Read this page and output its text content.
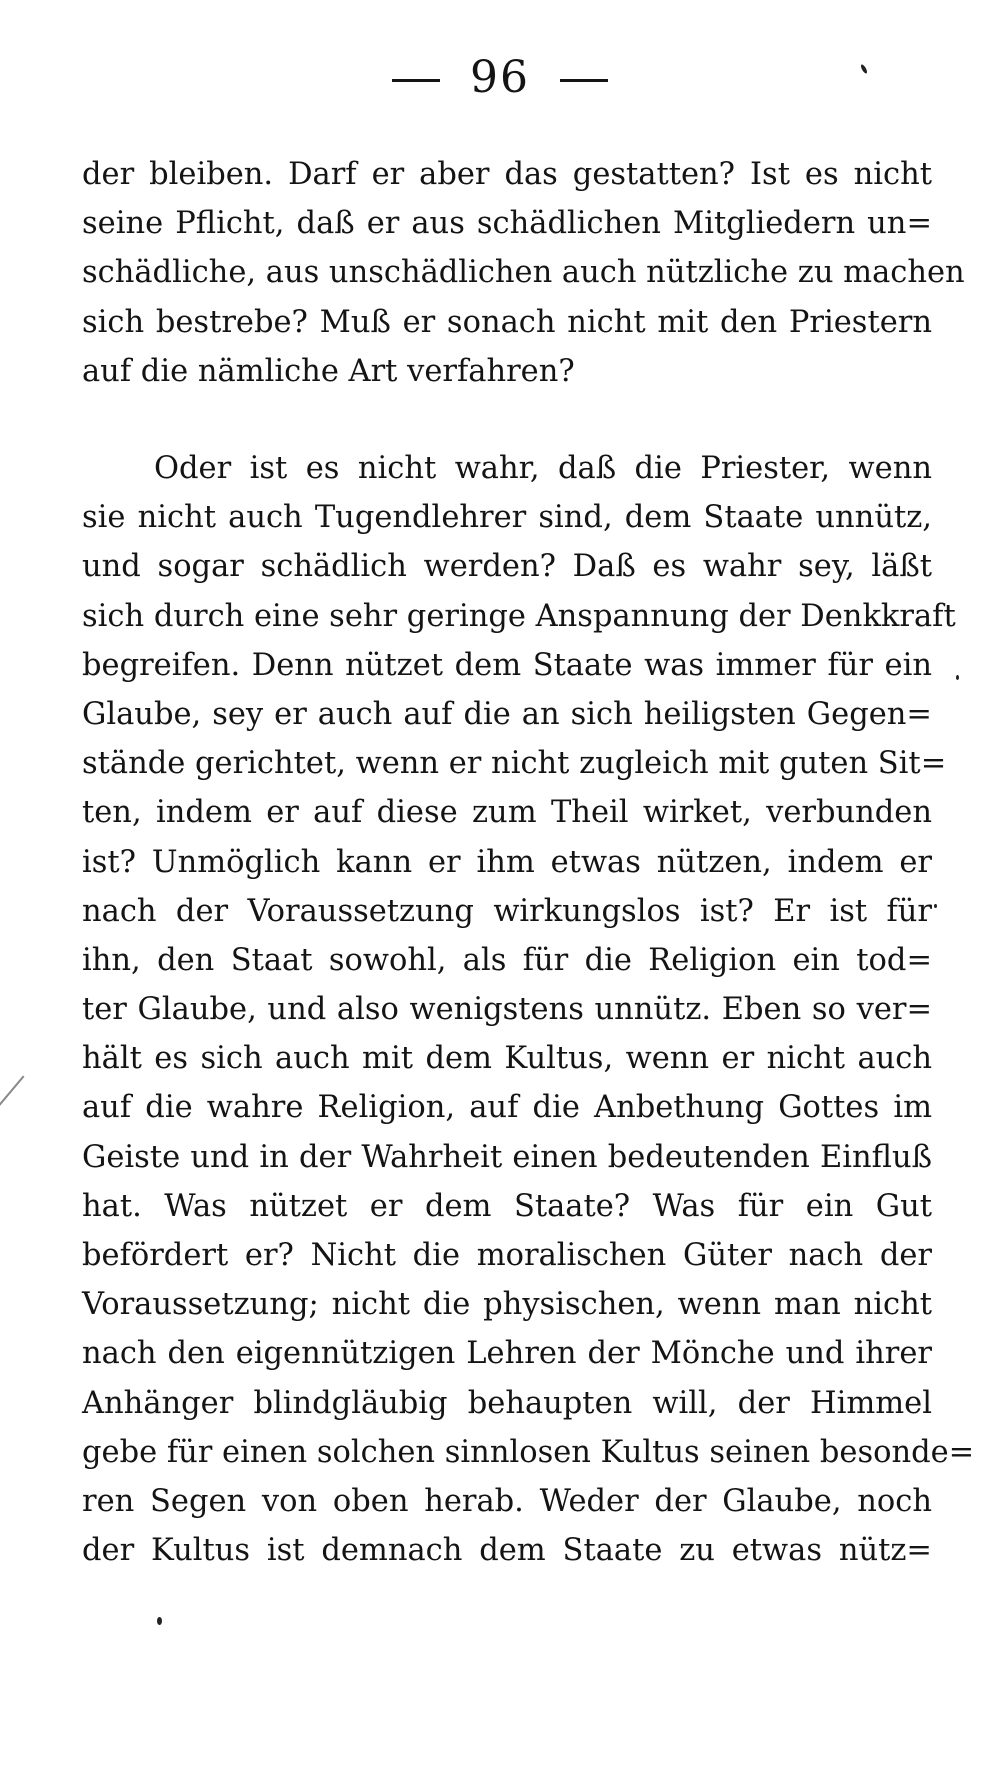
96
der bleiben. Darf er aber das gestatten? Ist es nicht
seine Pflicht, daß er aus schädlichen Mitgliedern un=
schädliche, aus unschädlichen auch nützliche zu machen
sich bestrebe? Muß er sonach nicht mit den Priestern
auf die nämliche Art verfahren?
Oder ist es nicht wahr, daß die Priester, wenn
sie nicht auch Tugendlehrer sind, dem Staate unnütz,
und sogar schädlich werden? Daß es wahr sey, läßt
sich durch eine sehr geringe Anspannung der Denkkraft
begreifen. Denn nützet dem Staate was immer für ein
Glaube, sey er auch auf die an sich heiligsten Gegen=
stände gerichtet, wenn er nicht zugleich mit guten Sit=
ten, indem er auf diese zum Theil wirket, verbunden
ist? Unmöglich kann er ihm etwas nützen, indem er
nach der Voraussetzung wirkungslos ist? Er ist für
ihn, den Staat sowohl, als für die Religion ein tod=
ter Glaube, und also wenigstens unnütz. Eben so ver=
hält es sich auch mit dem Kultus, wenn er nicht auch
auf die wahre Religion, auf die Anbethung Gottes im
Geiste und in der Wahrheit einen bedeutenden Einfluß
hat. Was nützet er dem Staate? Was für ein Gut
befördert er? Nicht die moralischen Güter nach der
Voraussetzung; nicht die physischen, wenn man nicht
nach den eigennützigen Lehren der Mönche und ihrer
Anhänger blindgläubig behaupten will, der Himmel
gebe für einen solchen sinnlosen Kultus seinen besonde=
ren Segen von oben herab. Weder der Glaube, noch
der Kultus ist demnach dem Staate zu etwas nütz=
